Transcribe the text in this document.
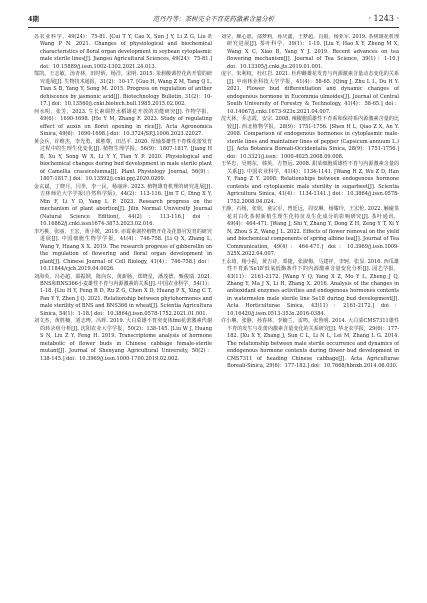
4期	范丹丹等：茶树完全不育花药激素含量分析	· 1243 ·

苏农业科学，49(24)：75-81. [Cui T Y, Cao X, Sun J Y, Li Z G, Liu P, Wang P N. 2021. Changes of physiological and biochemical characteristics of floral organ development in soybean cytoplasmic male sterile lines[J]. Jiangsu Agricultural Sciences, 49(24)：75-81.] doi：10.15889/j.issn.1002-1302.2021.24.013.

鄂凯，王志敏，汤青林，田时炳，杨洋，宋明. 2015. 茉莉酸调控花药开裂的研究进展[J]. 生物技术通报，31(2)：10-17. [Guo H, Wang Z M, Tang Q L, Tian S B, Yang Y, Song M. 2015. Progress on regulation of anther dehiscence by jasmonic acid[J]. Biotechnology Bulletin, 31(2)：10-17.] doi：10.13560/j.cnki.biotech.bull.1985.2015.02.002.

何水明，张芳，2023. 生长素调控水稻雄花开放的功能研究[J]. 作物学报，49(6)：1690-1698. [He Y M, Zhang F. 2023. Study of regulating effect of auxin on floret opening in rice[J]. Acta Agronomica Sinica, 49(6)：1690-1698.] doi：10.3724/SP.J.1006.2023.22027.

黄会兵，许维杰，李光勇，邱胜尊，田昌平. 2020. 厚轴茶雄性不育株花蕾发育过程中的生理生化变化[J]. 植物生理学报，56(9)：1807-1817. [Jiang H B, Xu Y, Song W X, Li Y Y, Tian Y P. 2020. Physiological and biochemical changes during bud development in male sterile plant of Camellia crassicolumna[J]. Plant Physiology Journal, 56(9)：1807-1817.] doi：10.13592/j.cnki.ppj.2020.0209.

金玄斌，丁晓月，闫拳，李一民，杨丽萍. 2023. 植物雄育机理的研究进展[J]. 吉林师范大学学报(自然科学版)，44(2)：113-116. [Jin T C, Ding X Y, Min F, Li Y D, Yang L P. 2023. Research progress on the mechanism of plant abortion[J]. Jilin Normal University Journal (Natural Science Edition), 44(2)：113-116.] doi：10.16862/j.cnki.issn1674-3873.2023.02.016.

李巧桃，张丽，王宏，黄小媛，2019. 赤霉素调控植物开花及花器官发育的研究进展[J]. 中国细胞生物学学报，41(4)：746-758. [Li Q X, Zhang L, Wang Y, Huang X X. 2019. The research progress of gibberellin on the regulation of flowering and floral organ development in plant[J]. Chinese Journal of Cell Biology, 41(4)：746-758.] doi：10.11844/cjcb.2019.04.0026.

刘海英，冯必超，邵振钢，陈向东，黄新肠，郑晓星，潘茂德，甄俊瑞. 2021. BNS和BNS366小麦雄性不育与内源激素的关系[J]. 中国农业科学，54(1)：1-18. [Liu H Y, Feng B D, Ru Z G, Chen X D, Huang P X, Xing C T, Pan Y Y, Zhen J Q. 2021. Relationship between phytohormones and male sterility of BNS and BNS366 in wheat[J]. Scientia Agricultura Sinica, 54(1)：1-18.] doi：10.3864/j.issn.0578-1752.2021.01.001.

刘文杰，黄胜楠，刘志博，冯晖. 2019. 大白菜雄不育突变体fmi花蕾激素代谢的转录组分析[J]. 沈阳农业大学学报，50(2)：138-145. [Liu W J, Huang S N, Liu Z Y, Feng H. 2019. Transcriptome analysis of hormone metabolic of flower buds in Chinese cabbage female-sterile mutant[J]. Journal of Shenyang Agricultural University, 50(2)：138-145.] doi：10.3969/j.issn.1000-1700.2019.02.002.

刘莹，顺心愿，邵梦莉，孙庆鑫，王梦超，肖娟，杨亚军. 2019. 茶树雄花机理研究进展[J]. 茶叶科学，39(1)：1-10. [Liu Y, Hao X Y, Zheng M X, Wang X C, Xiao B, Yang Y J. 2019. Recent advances on tea flowering mechanism[J]. Journal of Tea Science, 39(1)：1-10.] doi：10.13305/j.cnki.jts.2019.01.001.

庞宇，朱利权，杜红岩. 2021. 杜仲雌雄花发育与内源激素含量动态变化的关系[J]. 中南林业科技大学学报，41(4)：58-65. [Qing J, Zhu L L, Du H Y. 2021. Flower bud differentiation and dynamic changes of endogenous hormone in Eucommia ulmoides[J]. Journal of Central South University of Forestry & Technology, 41(4)：58-65.] doi：10.14067/j.cnki.1673-923x.2021.04.007.

沈火林，乔志霞，安宗. 2008. 辣椒胞质雄性不育系和保持系内源激素含量的比较[J]. 西北植物学报，28(9)：1751-1756. [Shen H L, Qiao Z X, An Y. 2008. Comparison of endogenous hormones in cytoplasmic male-sterile lines and maintainer lines of pepper (Capsicum annuum L.)[J]. Acta Botanica Boreali-Occidentalia Sinica, 28(9)：1751-1756.] doi：10.3321/j.issn：1000-4025.2008.09.008.

王华忠，吴则东，韩英，方智远. 2008. 甜菜细胞质雄性不育与内源激素含量的关系[J]. 中国农业科学，41(4)：1134-1141. [Wang H Z, Wu Z D, Han Y, Fang Z Y. 2008. Relationships between endogenous hormone contents and cytoplasmic male sterility in sugarbeet[J]. Scientia Agricultura Sinica, 41(4)：1134-1141.] doi：10.3864/j.issn.0578-1752.2008.04.024.

王静，石杨，张姐，童宗军，曾廷远，周安琳，杨耀玲，王宏伦. 2022. 触碰茶花对白化茶树新梢生理生化特征及生化成分的影响研究[J]. 茶叶通讯，49(4)：464-471. [Wang J, Shi Y, Zhang Y, Dong Z H, Zeng Y T, Xi Y N, Zhou S Z, Wang J L. 2022. Effects of flower removal on the yield and biochemical components of spring albino tea[J]. Journal of Tea Communication, 49(4)：464-471.] doi：10.3969/j.issn.1009-525X.2022.04.007.

王永琦，杨小振，黄吉诗，邓捷，张淑梅，马建祥，李轲，张显. 2016. 西瓜雄性不育系'Se18'低氧低酶条件下的内源激素含量变化分析[J]. 园艺学报，43(11)：2161-2172. [Wang Y Q, Yang X Z, Mo Y L, Zheng J Q, Zhang Y, Ma J X, Li H, Zhang X. 2016. Analysis of the changes in antioxidant enzymes activities and endogenous hormones contents in watermelon male sterile line Se18 during bud development[J]. Acta Horticulturae Sinica, 43(11)：2161-2172.] doi：10.16420/j.issn.0513-353x.2016-0384.

许小琳，张静，孙春林，李楠兰，雷鸣，张鲁明. 2014. 大白菜CMS7311雄性不育的发生与花蕾内激素含量变化的关系研究[J]. 华北农学报，29(6)：177-182. [Xu X Y, Zhang J, Sun C L, Li N L, Lei M, Zhang L G. 2014. The relationship between male sterile occurrence and dynamics of endogenous hormone contents during flower bud development in CMS7311 of heading Chinese cabbage[J]. Acta Agriculturae Boreali-Sinica, 29(6)：177-182.] doi：10.7668/hbnxb.2014.06.030.
